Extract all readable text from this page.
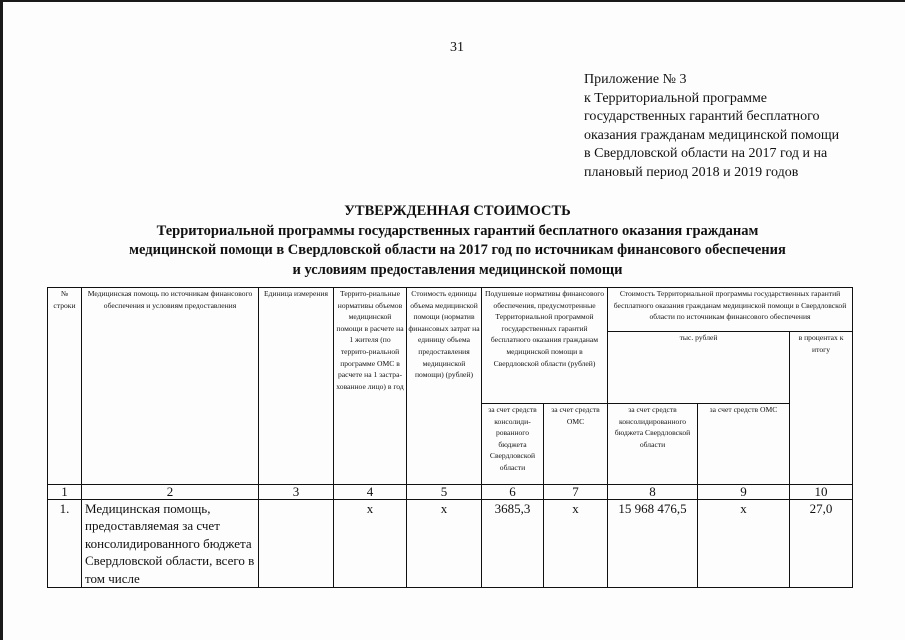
31
Приложение № 3
к Территориальной программе
государственных гарантий бесплатного
оказания гражданам медицинской помощи
в Свердловской области на 2017 год и на
плановый период 2018 и 2019 годов
УТВЕРЖДЕННАЯ СТОИМОСТЬ
Территориальной программы государственных гарантий бесплатного оказания гражданам
медицинской помощи в Свердловской области на 2017 год по источникам финансового обеспечения
и условиям предоставления медицинской помощи
№ строки	Медицинская помощь по источникам финансового обеспечения и условиям предоставления	Единица измерения	Террито-риальные нормативы объемов медицинской помощи в расчете на 1 жителя (по террито-риальной программе ОМС в расчете на 1 застра-хованное лицо) в год	Стоимость единицы объема медицинской помощи (норматив финансовых затрат на единицу объема предоставления медицинской помощи) (рублей)	Подушевые нормативы финансового обеспечения, предусмотренные Территориальной программой государственных гарантий бесплатного оказания гражданам медицинской помощи в Свердловской области (рублей)		Стоимость Территориальной программы государственных гарантий бесплатного оказания гражданам медицинской помощи в Свердловской области по источникам финансового обеспечения		
							тыс. рублей		в процентах к итогу
					за счет средств консолиди-рованного бюджета Свердловской области	за счет средств ОМС	за счет средств консолидированного бюджета Свердловской области	за счет средств ОМС	
1	2	3	4	5	6	7	8	9	10
1.	Медицинская помощь, предоставляемая за счет консолидированного бюджета Свердловской области, всего в том числе		х	х	3685,3	х	15 968 476,5	х	27,0
